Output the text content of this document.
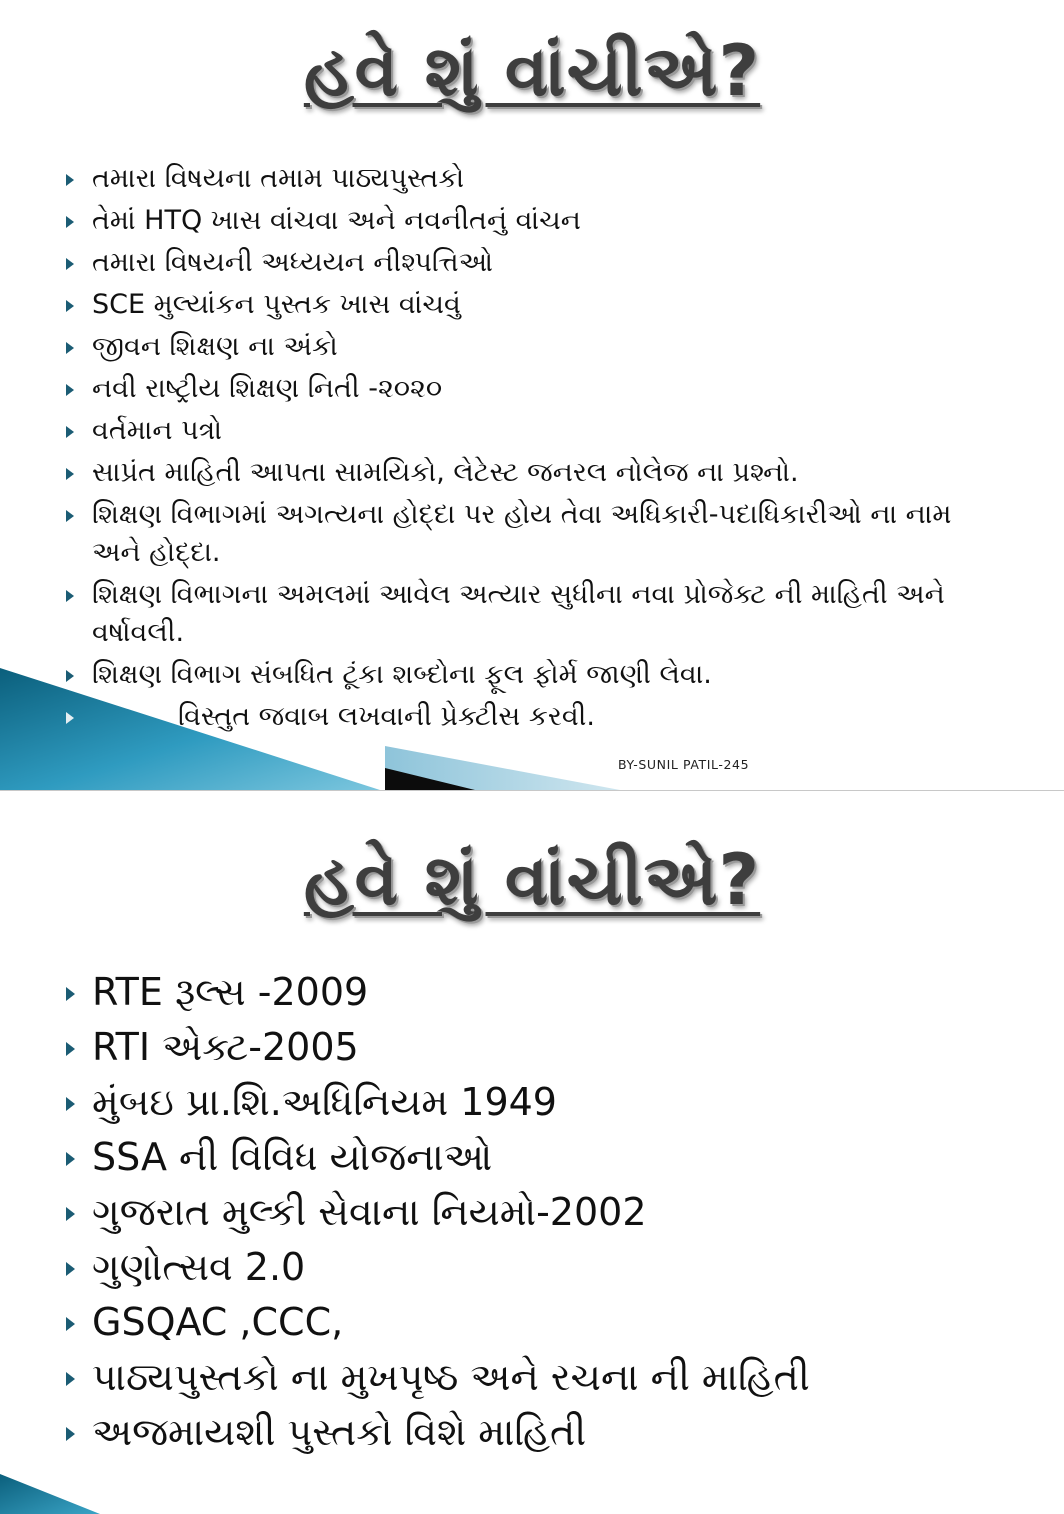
હવે શું વાંચીએ?
તમારા વિષયના તમામ પાઠ્યપુસ્તકો
તેમાં HTQ ખાસ વાંચવા અને નવનીતનું વાંચન
તમારા વિષયની અધ્યયન નીશ્પત્તિઓ
SCE મુલ્યાંકન પુસ્તક ખાસ વાંચવું
જીવન શિક્ષણ ના અંકો
નવી રાષ્ટ્રીય શિક્ષણ નિતી -૨૦૨૦
વર્તમાન પત્રો
સાપ્રંત માહિતી આપતા સામયિકો, લેટેસ્ટ જનરલ નોલેજ ના પ્રશ્નો.
શિક્ષણ વિભાગમાં અગત્યના હોદ્દા પર હોય તેવા અધિકારી-પદાધિકારીઓ ના નામ અને હોદ્દા.
શિક્ષણ વિભાગના અમલમાં આવેલ અત્યાર સુધીના નવા પ્રોજેક્ટ ની માહિતી અને વર્ષાવલી.
શિક્ષણ વિભાગ સંબધિત ટૂંકા શબ્દોના ફૂલ ફોર્મ જાણી લેવા.
વિસ્તુત જવાબ લખવાની પ્રેક્ટીસ કરવી.
BY-SUNIL PATIL-245
હવે શું વાંચીએ?
RTE રૂલ્સ -2009
RTI એક્ટ-2005
મુંબઇ પ્રા.શિ.અધિનિયમ 1949
SSA ની વિવિધ યોજનાઓ
ગુજરાત મુલ્કી સેવાના નિયમો-2002
ગુણોત્સવ 2.0
GSQAC ,CCC,
પાઠ્યપુસ્તકો ના મુખપૃષ્ઠ અને રચના ની માહિતી
અજમાયશી પુસ્તકો વિશે માહિતી
